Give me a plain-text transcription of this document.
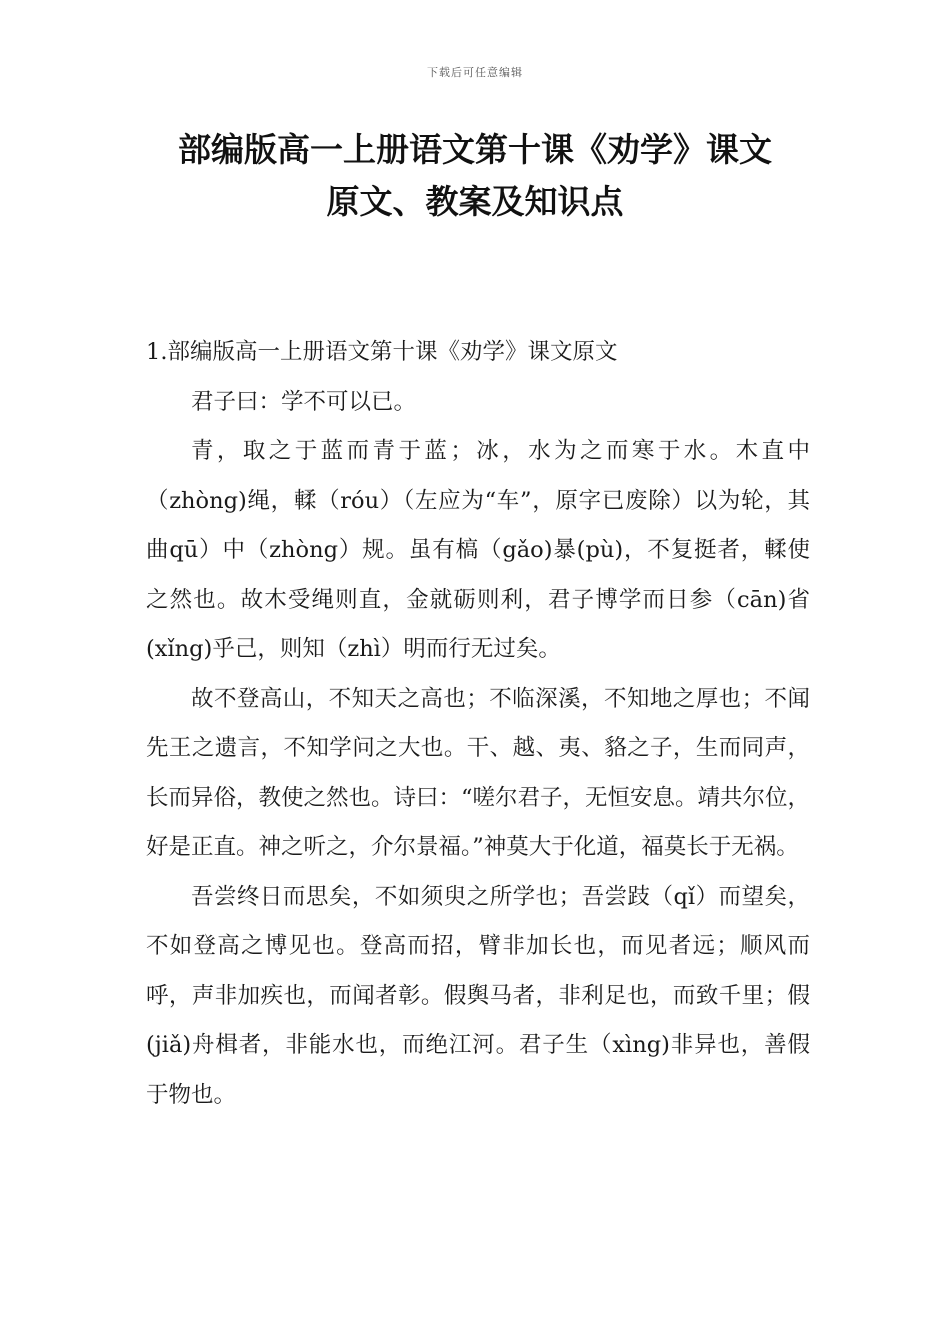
下载后可任意编辑
部编版高一上册语文第十课《劝学》课文
原文、教案及知识点

1.部编版高一上册语文第十课《劝学》课文原文

君子曰：学不可以已。

青，取之于蓝而青于蓝；冰，水为之而寒于水。木直中（zhòng)绳，輮（róu）（左应为“车”，原字已废除）以为轮，其曲qū）中（zhòng）规。虽有槁（gǎo)暴(pù)，不复挺者，輮使之然也。故木受绳则直，金就砺则利，君子博学而日参（cān)省(xǐng)乎己，则知（zhì）明而行无过矣。

故不登高山，不知天之高也；不临深溪，不知地之厚也；不闻先王之遗言，不知学问之大也。干、越、夷、貉之子，生而同声，长而异俗，教使之然也。诗曰：“嗟尔君子，无恒安息。靖共尔位，好是正直。神之听之，介尔景福。”神莫大于化道，福莫长于无祸。

吾尝终日而思矣，不如须臾之所学也；吾尝跂（qǐ）而望矣，不如登高之博见也。登高而招，臂非加长也，而见者远；顺风而呼，声非加疾也，而闻者彰。假舆马者，非利足也，而致千里；假(jiǎ)舟楫者，非能水也，而绝江河。君子生（xìng)非异也，善假于物也。
